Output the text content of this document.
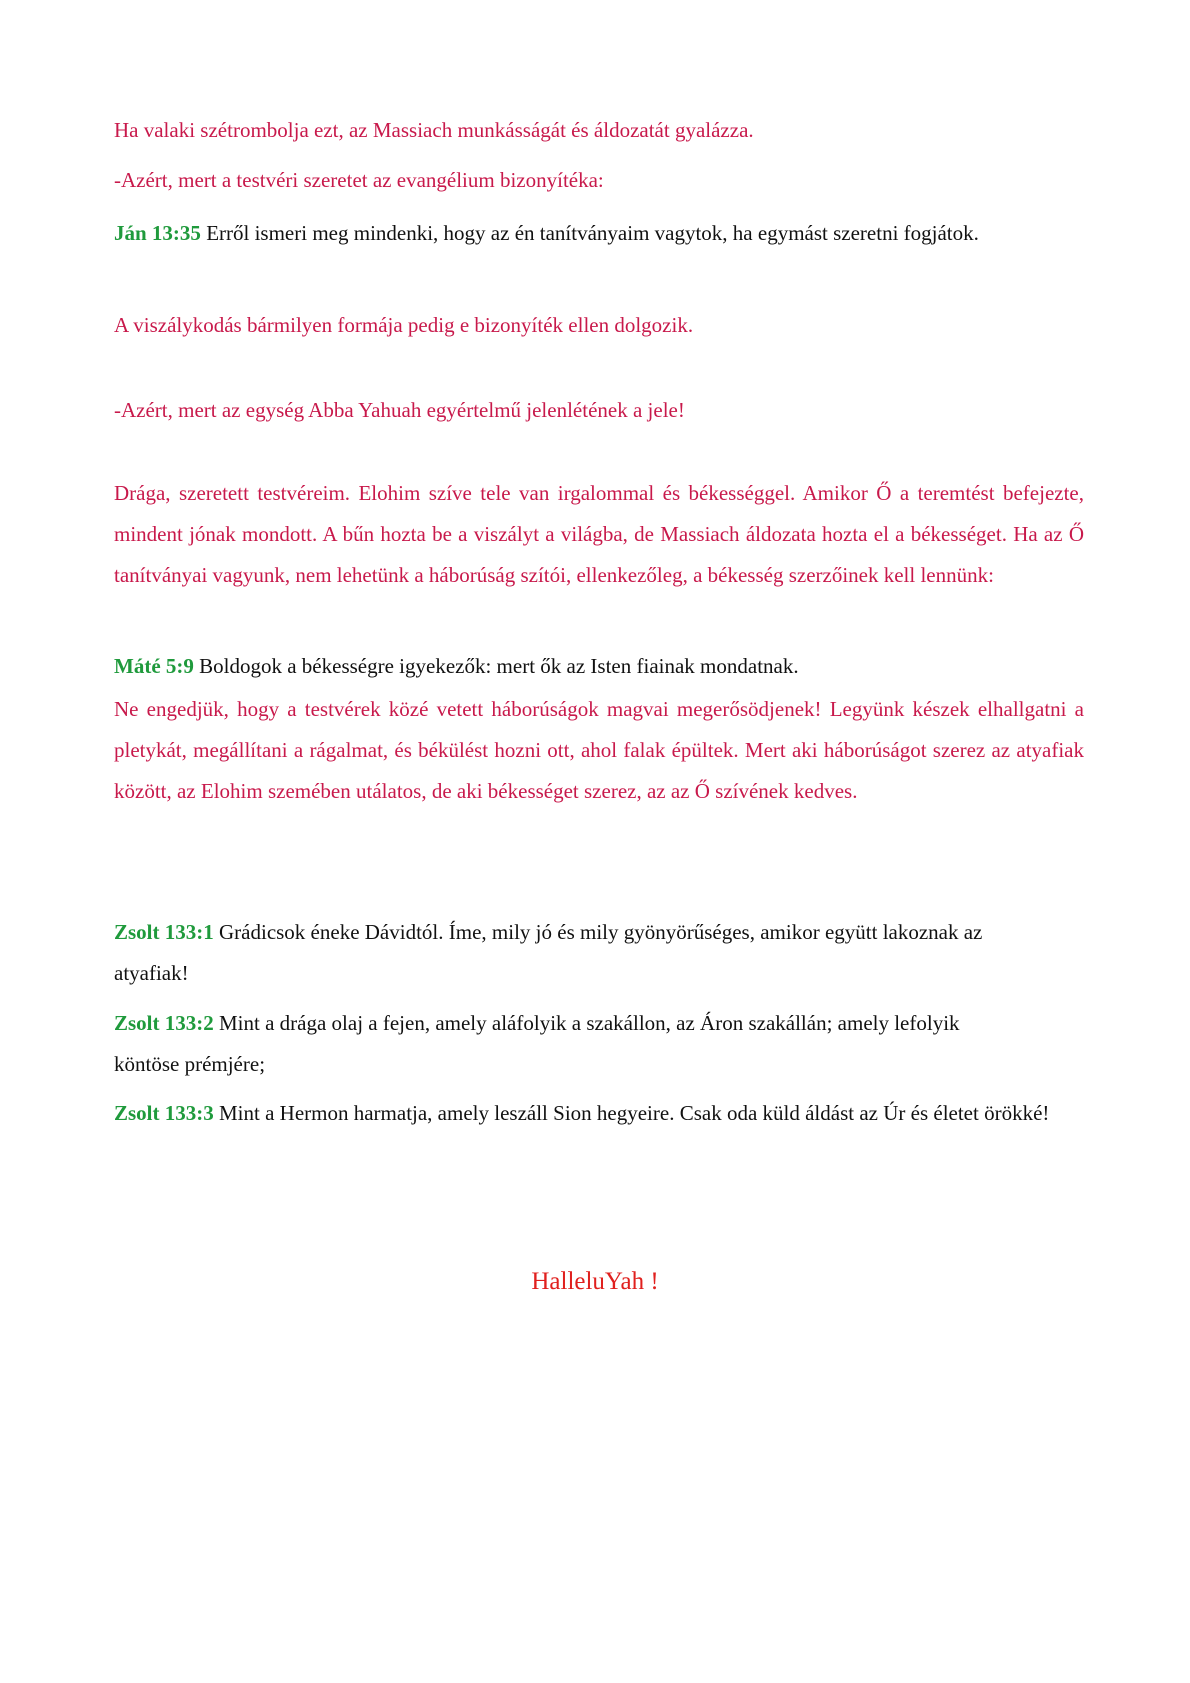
Ha valaki szétrombolja ezt, az Massiach munkásságát és áldozatát gyalázza.

-Azért, mert a testvéri szeretet az evangélium bizonyítéka:

Ján 13:35 Erről ismeri meg mindenki, hogy az én tanítványaim vagytok, ha egymást szeretni fogjátok.

A viszálykodás bármilyen formája pedig e bizonyíték ellen dolgozik.

-Azért, mert az egység Abba Yahuah egyértelmű jelenlétének a jele!

Drága, szeretett testvéreim. Elohim szíve tele van irgalommal és békességgel. Amikor Ő a teremtést befejezte, mindent jónak mondott. A bűn hozta be a viszályt a világba, de Massiach áldozata hozta el a békességet. Ha az Ő tanítványai vagyunk, nem lehetünk a háborúság szítói, ellenkezőleg, a békesség szerzőinek kell lennünk:

Máté 5:9 Boldogok a békességre igyekezők: mert ők az Isten fiainak mondatnak.

Ne engedjük, hogy a testvérek közé vetett háborúságok magvai megerősödjenek! Legyünk készek elhallgatni a pletykát, megállítani a rágalmat, és békülést hozni ott, ahol falak épültek. Mert aki háborúságot szerez az atyafiak között, az Elohim szemében utálatos, de aki békességet szerez, az az Ő szívének kedves.

Zsolt 133:1 Grádicsok éneke Dávidtól. Íme, mily jó és mily gyönyörűséges, amikor együtt lakoznak az atyafiak!

Zsolt 133:2 Mint a drága olaj a fejen, amely aláfolyik a szakállon, az Áron szakállán; amely lefolyik köntöse prémjére;

Zsolt 133:3 Mint a Hermon harmatja, amely leszáll Sion hegyeire. Csak oda küld áldást az Úr és életet örökké!

HalleluYah !
